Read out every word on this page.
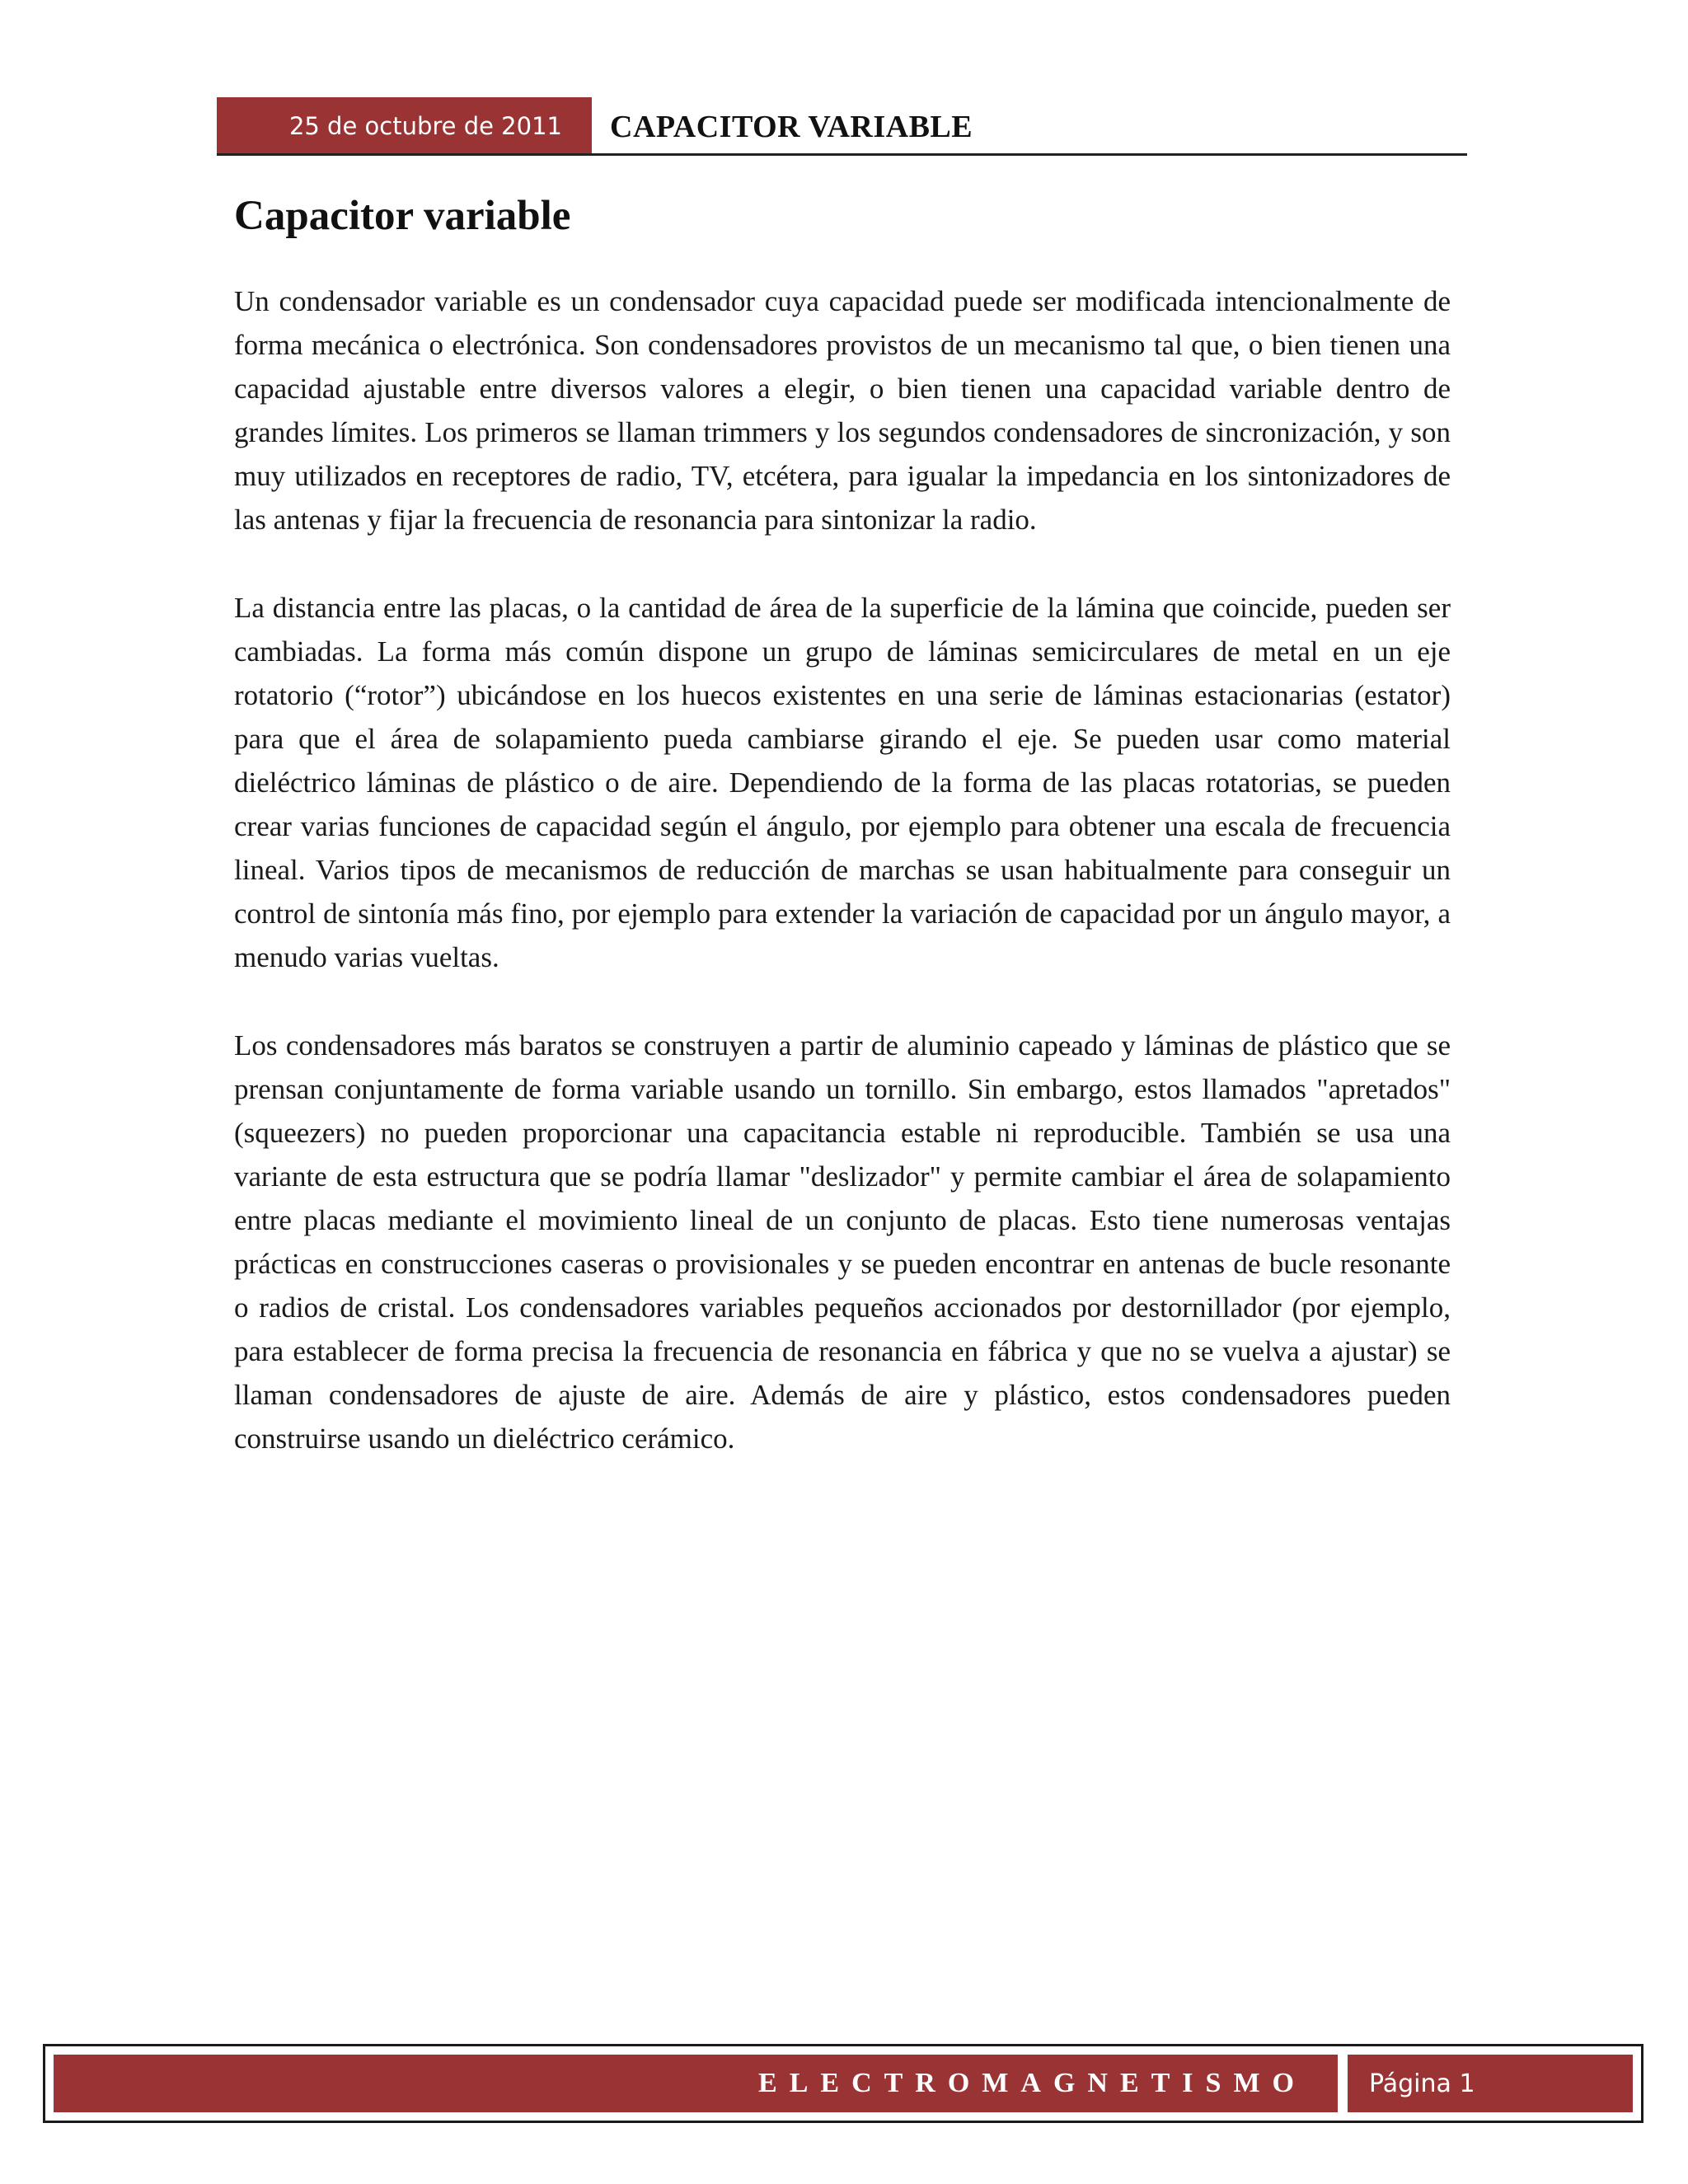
25 de octubre de 2011 CAPACITOR VARIABLE
Capacitor variable

Un condensador variable es un condensador cuya capacidad puede ser modificada intencionalmente de forma mecánica o electrónica. Son condensadores provistos de un mecanismo tal que, o bien tienen una capacidad ajustable entre diversos valores a elegir, o bien tienen una capacidad variable dentro de grandes límites. Los primeros se llaman trimmers y los segundos condensadores de sincronización, y son muy utilizados en receptores de radio, TV, etcétera, para igualar la impedancia en los sintonizadores de las antenas y fijar la frecuencia de resonancia para sintonizar la radio.

La distancia entre las placas, o la cantidad de área de la superficie de la lámina que coincide, pueden ser cambiadas. La forma más común dispone un grupo de láminas semicirculares de metal en un eje rotatorio (“rotor”) ubicándose en los huecos existentes en una serie de láminas estacionarias (estator) para que el área de solapamiento pueda cambiarse girando el eje. Se pueden usar como material dieléctrico láminas de plástico o de aire. Dependiendo de la forma de las placas rotatorias, se pueden crear varias funciones de capacidad según el ángulo, por ejemplo para obtener una escala de frecuencia lineal. Varios tipos de mecanismos de reducción de marchas se usan habitualmente para conseguir un control de sintonía más fino, por ejemplo para extender la variación de capacidad por un ángulo mayor, a menudo varias vueltas.

Los condensadores más baratos se construyen a partir de aluminio capeado y láminas de plástico que se prensan conjuntamente de forma variable usando un tornillo. Sin embargo, estos llamados "apretados" (squeezers) no pueden proporcionar una capacitancia estable ni reproducible. También se usa una variante de esta estructura que se podría llamar "deslizador" y permite cambiar el área de solapamiento entre placas mediante el movimiento lineal de un conjunto de placas. Esto tiene numerosas ventajas prácticas en construcciones caseras o provisionales y se pueden encontrar en antenas de bucle resonante o radios de cristal. Los condensadores variables pequeños accionados por destornillador (por ejemplo, para establecer de forma precisa la frecuencia de resonancia en fábrica y que no se vuelva a ajustar) se llaman condensadores de ajuste de aire. Además de aire y plástico, estos condensadores pueden construirse usando un dieléctrico cerámico.

ELECTROMAGNETISMO	Página 1
